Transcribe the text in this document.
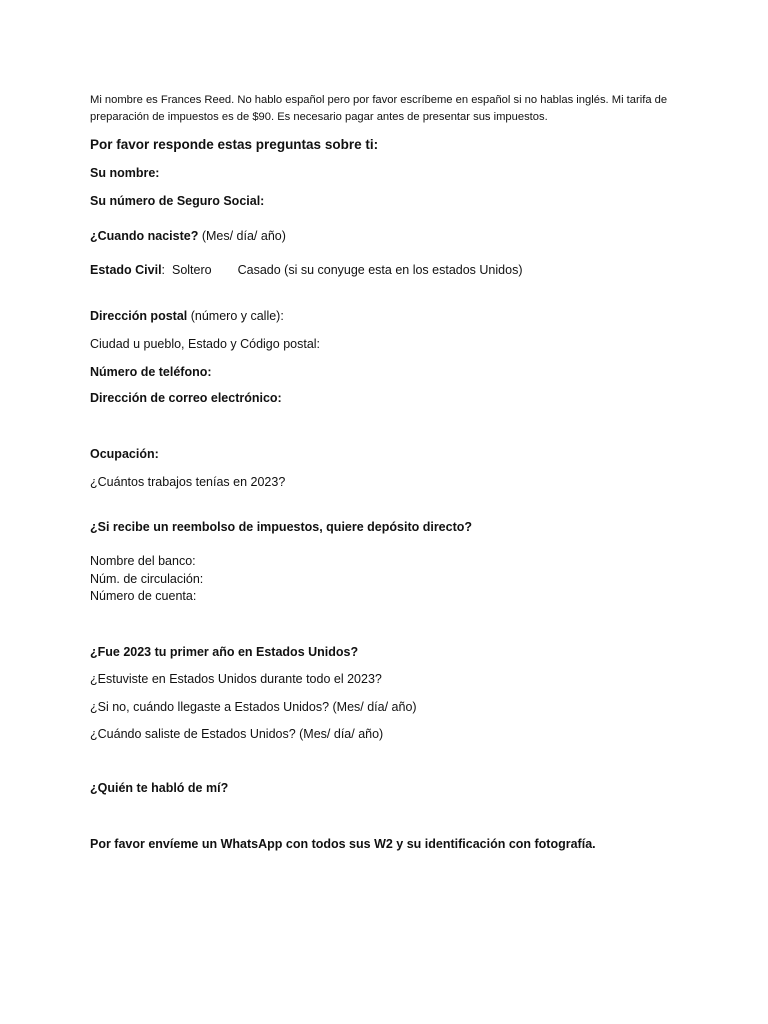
Mi nombre es Frances Reed. No hablo español pero por favor escríbeme en español si no hablas inglés. Mi tarifa de
preparación de impuestos es de $90. Es necesario pagar antes de presentar sus impuestos.
Por favor responde estas preguntas sobre ti:
Su nombre:
Su número de Seguro Social:
¿Cuando naciste? (Mes/ día/ año)
Estado Civil: Soltero Casado (si su conyuge esta en los estados Unidos)
Dirección postal (número y calle):
Ciudad u pueblo, Estado y Código postal:
Número de teléfono:
Dirección de correo electrónico:
Ocupación:
¿Cuántos trabajos tenías en 2023?
¿Si recibe un reembolso de impuestos, quiere depósito directo?
Nombre del banco:
Núm. de circulación:
Número de cuenta:
¿Fue 2023 tu primer año en Estados Unidos?
¿Estuviste en Estados Unidos durante todo el 2023?
¿Si no, cuándo llegaste a Estados Unidos? (Mes/ día/ año)
¿Cuándo saliste de Estados Unidos? (Mes/ día/ año)
¿Quién te habló de mí?
Por favor envíeme un WhatsApp con todos sus W2 y su identificación con fotografía.
